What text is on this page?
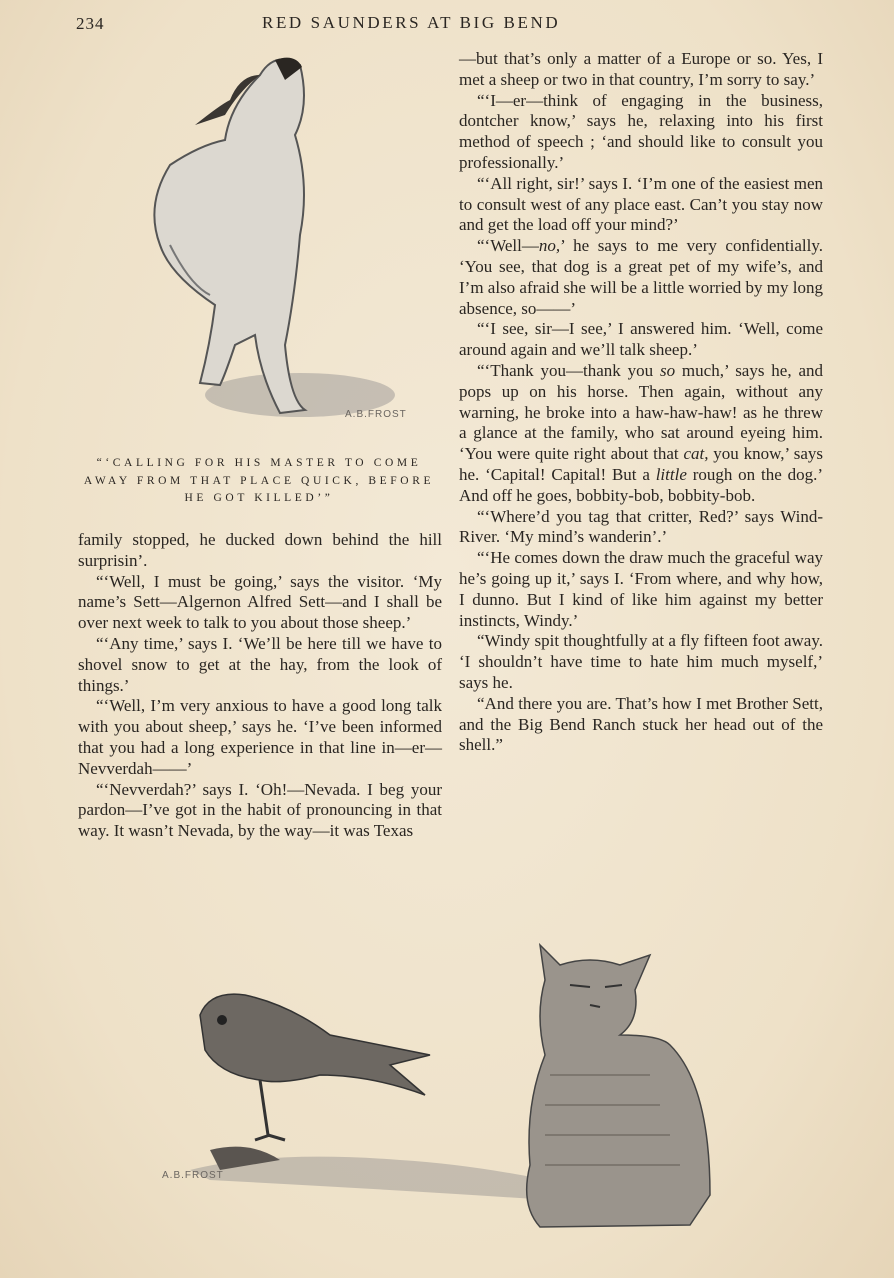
234	RED SAUNDERS AT BIG BEND
A.B.FROST
“‘CALLING FOR HIS MASTER TO COME AWAY FROM THAT PLACE QUICK, BEFORE HE GOT KILLED’”

family stopped, he ducked down behind the hill surprisin’.

“‘Well, I must be going,’ says the visitor. ‘My name’s Sett—Algernon Alfred Sett—and I shall be over next week to talk to you about those sheep.’

“‘Any time,’ says I. ‘We’ll be here till we have to shovel snow to get at the hay, from the look of things.’

“‘Well, I’m very anxious to have a good long talk with you about sheep,’ says he. ‘I’ve been informed that you had a long experience in that line in—er—Nevverdah——’

“‘Nevverdah?’ says I. ‘Oh!—Nevada. I beg your pardon—I’ve got in the habit of pronouncing in that way. It wasn’t Nevada, by the way—it was Texas

—but that’s only a matter of a Europe or so. Yes, I met a sheep or two in that country, I’m sorry to say.’

“‘I—er—think of engaging in the business, dontcher know,’ says he, relaxing into his first method of speech ; ‘and should like to consult you professionally.’

“‘All right, sir!’ says I. ‘I’m one of the easiest men to consult west of any place east. Can’t you stay now and get the load off your mind?’

“‘Well—no,’ he says to me very confidentially. ‘You see, that dog is a great pet of my wife’s, and I’m also afraid she will be a little worried by my long absence, so——’

“‘I see, sir—I see,’ I answered him. ‘Well, come around again and we’ll talk sheep.’

“‘Thank you—thank you so much,’ says he, and pops up on his horse. Then again, without any warning, he broke into a haw-haw-haw! as he threw a glance at the family, who sat around eyeing him. ‘You were quite right about that cat, you know,’ says he. ‘Capital! Capital! But a little rough on the dog.’ And off he goes, bobbity-bob, bobbity-bob.

“‘Where’d you tag that critter, Red?’ says Wind-River. ‘My mind’s wanderin’.’

“‘He comes down the draw much the graceful way he’s going up it,’ says I. ‘From where, and why how, I dunno. But I kind of like him against my better instincts, Windy.’

“Windy spit thoughtfully at a fly fifteen foot away. ‘I shouldn’t have time to hate him much myself,’ says he.

“And there you are. That’s how I met Brother Sett, and the Big Bend Ranch stuck her head out of the shell.”

A.B.FROST
